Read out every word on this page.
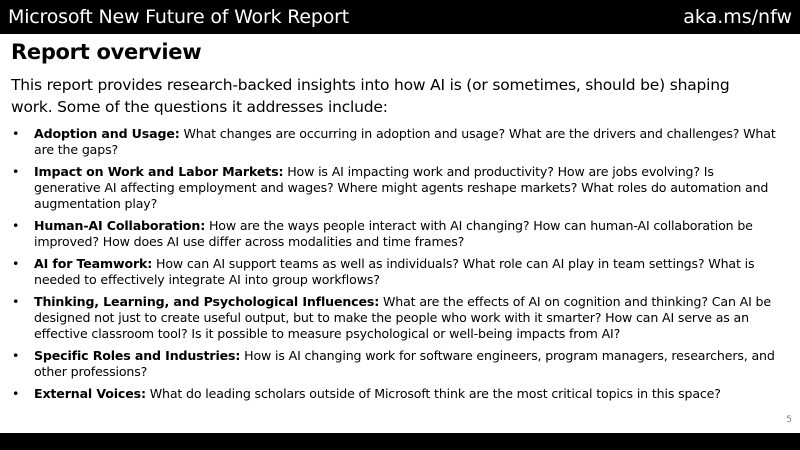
Microsoft New Future of Work Report	aka.ms/nfw
Report overview
This report provides research-backed insights into how AI is (or sometimes, should be) shaping work. Some of the questions it addresses include:
•	Adoption and Usage: What changes are occurring in adoption and usage? What are the drivers and challenges? What are the gaps?
•	Impact on Work and Labor Markets: How is AI impacting work and productivity? How are jobs evolving? Is generative AI affecting employment and wages? Where might agents reshape markets? What roles do automation and augmentation play?
•	Human-AI Collaboration: How are the ways people interact with AI changing? How can human-AI collaboration be improved? How does AI use differ across modalities and time frames?
•	AI for Teamwork: How can AI support teams as well as individuals? What role can AI play in team settings? What is needed to effectively integrate AI into group workflows?
•	Thinking, Learning, and Psychological Influences: What are the effects of AI on cognition and thinking? Can AI be designed not just to create useful output, but to make the people who work with it smarter? How can AI serve as an effective classroom tool? Is it possible to measure psychological or well-being impacts from AI?
•	Specific Roles and Industries: How is AI changing work for software engineers, program managers, researchers, and other professions?
•	External Voices: What do leading scholars outside of Microsoft think are the most critical topics in this space?
5
